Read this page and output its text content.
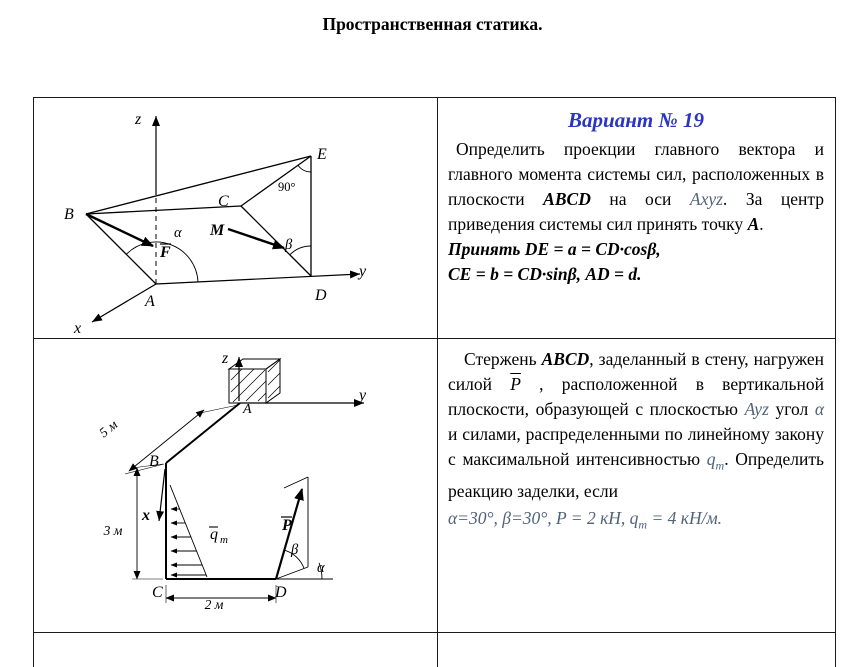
Пространственная статика.
z
E
90°
B
C
M
α
F	β
y
A	D
x
Вариант № 19
Определить проекции главного вектора и главного момента системы сил, расположенных в плоскости ABCD на оси Axyz. За центр приведения системы сил принять точку А.
Принять DE = a = CD·cosβ,
CE = b = CD·sinβ, AD = d.
z
y
A
B
x
C	D
q m
P
β
α
5 м
3 м
2 м
Стержень ABCD, заделанный в стену, нагружен силой $\overline{P}$ , расположенной в вертикальной плоскости, образующей с плоскостью Ayz угол α и силами, распределенными по линейному закону с максимальной интенсивностью $q_m$. Определить реакцию заделки, если
α=30°, β=30°, P = 2 кН, $q_m = 4$ кН/м.
